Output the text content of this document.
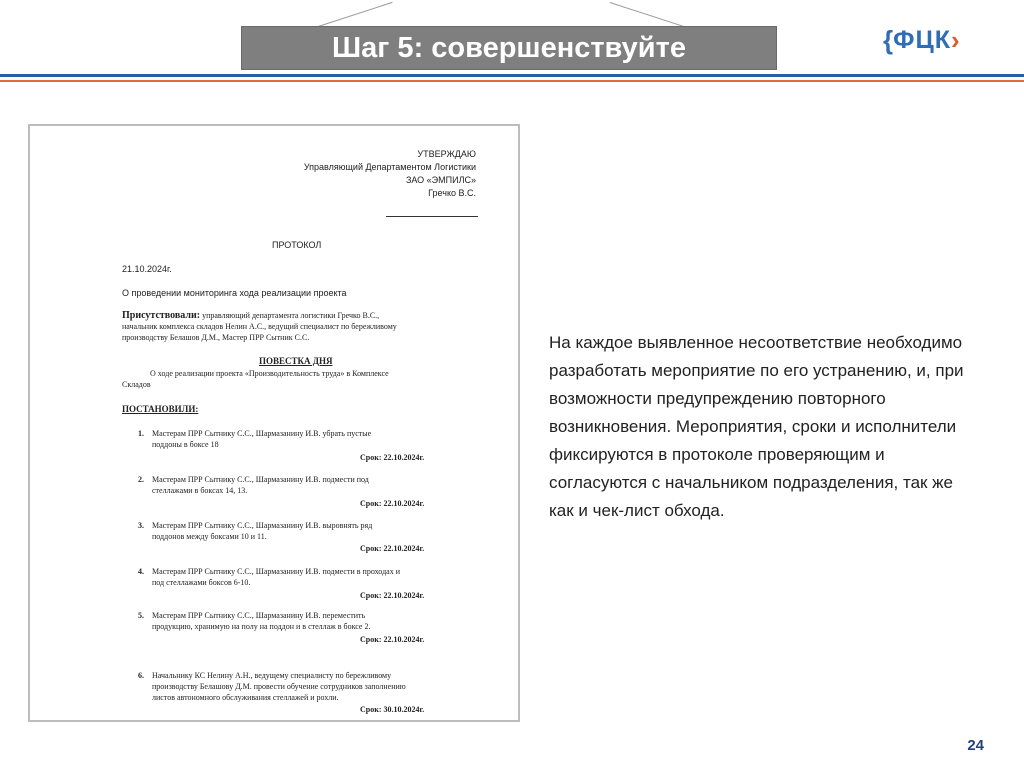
Шаг 5: совершенствуйте	{ ФЦК ›
УТВЕРЖДАЮ
Управляющий Департаментом Логистики
ЗАО «ЭМПИЛС»
Гречко В.С.
ПРОТОКОЛ
21.10.2024г.
О проведении мониторинга хода реализации проекта
Присутствовали: управляющий департамента логистики Гречко В.С.,
начальник комплекса складов Нелин А.С., ведущий специалист по бережливому
производству Белашов Д.М., Мастер ПРР Сытник С.С.
ПОВЕСТКА ДНЯ
О ходе реализации проекта «Производительность труда» в Комплексе
Складов
ПОСТАНОВИЛИ:
1. Мастерам ПРР Сытнику С.С., Шармазанину И.В. убрать пустые
поддоны в боксе 18
Срок: 22.10.2024г.
2. Мастерам ПРР Сытнику С.С., Шармазанину И.В. подмести под
стеллажами в боксах 14, 13.
Срок: 22.10.2024г.
3. Мастерам ПРР Сытнику С.С., Шармазанину И.В. выровнять ряд
поддонов между боксами 10 и 11.
Срок: 22.10.2024г.
4. Мастерам ПРР Сытнику С.С., Шармазанину И.В. подмести в проходах и
под стеллажами боксов 6-10.
Срок: 22.10.2024г.
5. Мастерам ПРР Сытнику С.С., Шармазанину И.В. переместить
продукцию, хранимую на полу на поддон и в стеллаж в боксе 2.
Срок: 22.10.2024г.
6. Начальнику КС Нелину А.Н., ведущему специалисту по бережливому
производству Белашову Д.М. провести обучение сотрудников заполнению
листов автономного обслуживания стеллажей и рохли.
Срок: 30.10.2024г.
На каждое выявленное несоответствие необходимо разработать мероприятие по его устранению, и, при возможности предупреждению повторного возникновения. Мероприятия, сроки и исполнители фиксируются в протоколе проверяющим и согласуются с начальником подразделения, так же как и чек-лист обхода.
24
